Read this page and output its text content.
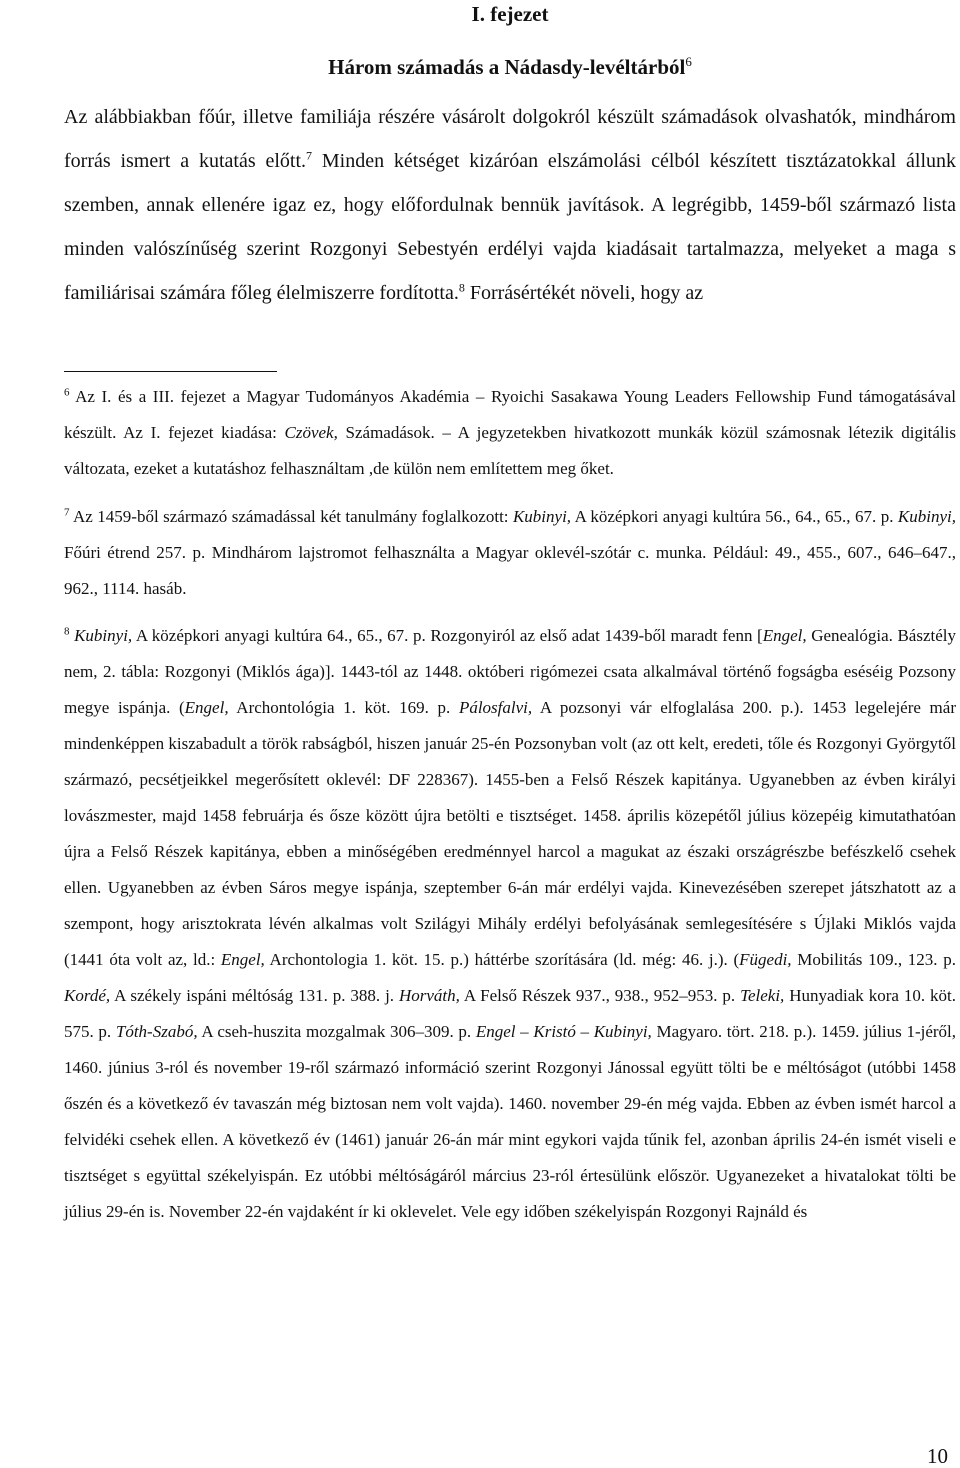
I. fejezet
Három számadás a Nádasdy-levéltárból$^6$
Az alábbiakban főúr, illetve familiája részére vásárolt dolgokról készült számadások olvashatók, mindhárom forrás ismert a kutatás előtt.$^7$ Minden kétséget kizáróan elszámolási célból készített tisztázatokkal állunk szemben, annak ellenére igaz ez, hogy előfordulnak bennük javítások. A legrégibb, 1459-ből származó lista minden valószínűség szerint Rozgonyi Sebestyén erdélyi vajda kiadásait tartalmazza, melyeket a maga s familiárisai számára főleg élelmiszerre fordította.$^8$ Forrásértékét növeli, hogy az

$^6$ Az I. és a III. fejezet a Magyar Tudományos Akadémia – Ryoichi Sasakawa Young Leaders Fellowship Fund támogatásával készült. Az I. fejezet kiadása: Czövek, Számadások. – A jegyzetekben hivatkozott munkák közül számosnak létezik digitális változata, ezeket a kutatáshoz felhasználtam ,de külön nem említettem meg őket.

$^7$ Az 1459-ből származó számadással két tanulmány foglalkozott: Kubinyi, A középkori anyagi kultúra 56., 64., 65., 67. p. Kubinyi, Főúri étrend 257. p. Mindhárom lajstromot felhasználta a Magyar oklevél-szótár c. munka. Például: 49., 455., 607., 646–647., 962., 1114. hasáb.

$^8$ Kubinyi, A középkori anyagi kultúra 64., 65., 67. p. Rozgonyiról az első adat 1439-ből maradt fenn [Engel, Genealógia. Básztély nem, 2. tábla: Rozgonyi (Miklós ága)]. 1443-tól az 1448. októberi rigómezei csata alkalmával történő fogságba eséséig Pozsony megye ispánja. (Engel, Archontológia 1. köt. 169. p. Pálosfalvi, A pozsonyi vár elfoglalása 200. p.). 1453 legelejére már mindenképpen kiszabadult a török rabságból, hiszen január 25-én Pozsonyban volt (az ott kelt, eredeti, tőle és Rozgonyi Györgytől származó, pecsétjeikkel megerősített oklevél: DF 228367). 1455-ben a Felső Részek kapitánya. Ugyanebben az évben királyi lovászmester, majd 1458 februárja és ősze között újra betölti e tisztséget. 1458. április közepétől július közepéig kimutathatóan újra a Felső Részek kapitánya, ebben a minőségében eredménnyel harcol a magukat az északi országrészbe befészkelő csehek ellen. Ugyanebben az évben Sáros megye ispánja, szeptember 6-án már erdélyi vajda. Kinevezésében szerepet játszhatott az a szempont, hogy arisztokrata lévén alkalmas volt Szilágyi Mihály erdélyi befolyásának semlegesítésére s Újlaki Miklós vajda (1441 óta volt az, ld.: Engel, Archontologia 1. köt. 15. p.) háttérbe szorítására (ld. még: 46. j.). (Fügedi, Mobilitás 109., 123. p. Kordé, A székely ispáni méltóság 131. p. 388. j. Horváth, A Felső Részek 937., 938., 952–953. p. Teleki, Hunyadiak kora 10. köt. 575. p. Tóth-Szabó, A cseh-huszita mozgalmak 306–309. p. Engel – Kristó – Kubinyi, Magyaro. tört. 218. p.). 1459. július 1-jéről, 1460. június 3-ról és november 19-ről származó információ szerint Rozgonyi Jánossal együtt tölti be e méltóságot (utóbbi 1458 őszén és a következő év tavaszán még biztosan nem volt vajda). 1460. november 29-én még vajda. Ebben az évben ismét harcol a felvidéki csehek ellen. A következő év (1461) január 26-án már mint egykori vajda tűnik fel, azonban április 24-én ismét viseli e tisztséget s együttal székelyispán. Ez utóbbi méltóságáról március 23-ról értesülünk először. Ugyanezeket a hivatalokat tölti be július 29-én is. November 22-én vajdaként ír ki oklevelet. Vele egy időben székelyispán Rozgonyi Rajnáld és

10
